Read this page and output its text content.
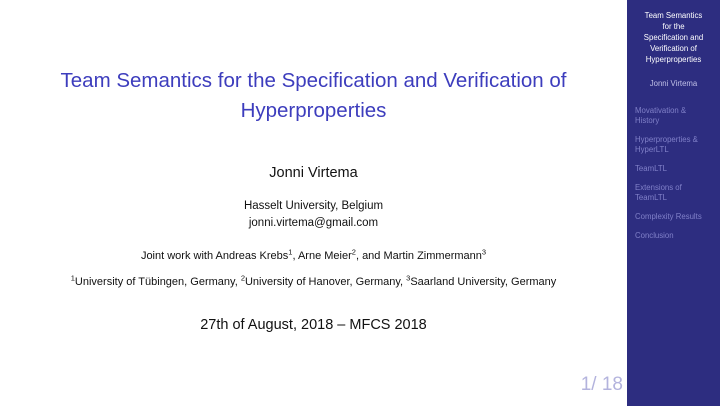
Team Semantics for the Specification and Verification of
Hyperproperties
Jonni Virtema
Hasselt University, Belgium
jonni.virtema@gmail.com
Joint work with Andreas Krebs$^1$, Arne Meier$^2$, and Martin Zimmermann$^3$
$^1$University of Tübingen, Germany, $^2$University of Hanover, Germany, $^3$Saarland University, Germany
27th of August, 2018 – MFCS 2018
1/ 18
Team Semantics
for the
Specification and
Verification of
Hyperproperties
Jonni Virtema
Movativation &
History
Hyperproperties &
HyperLTL
TeamLTL
Extensions of
TeamLTL
Complexity Results
Conclusion
